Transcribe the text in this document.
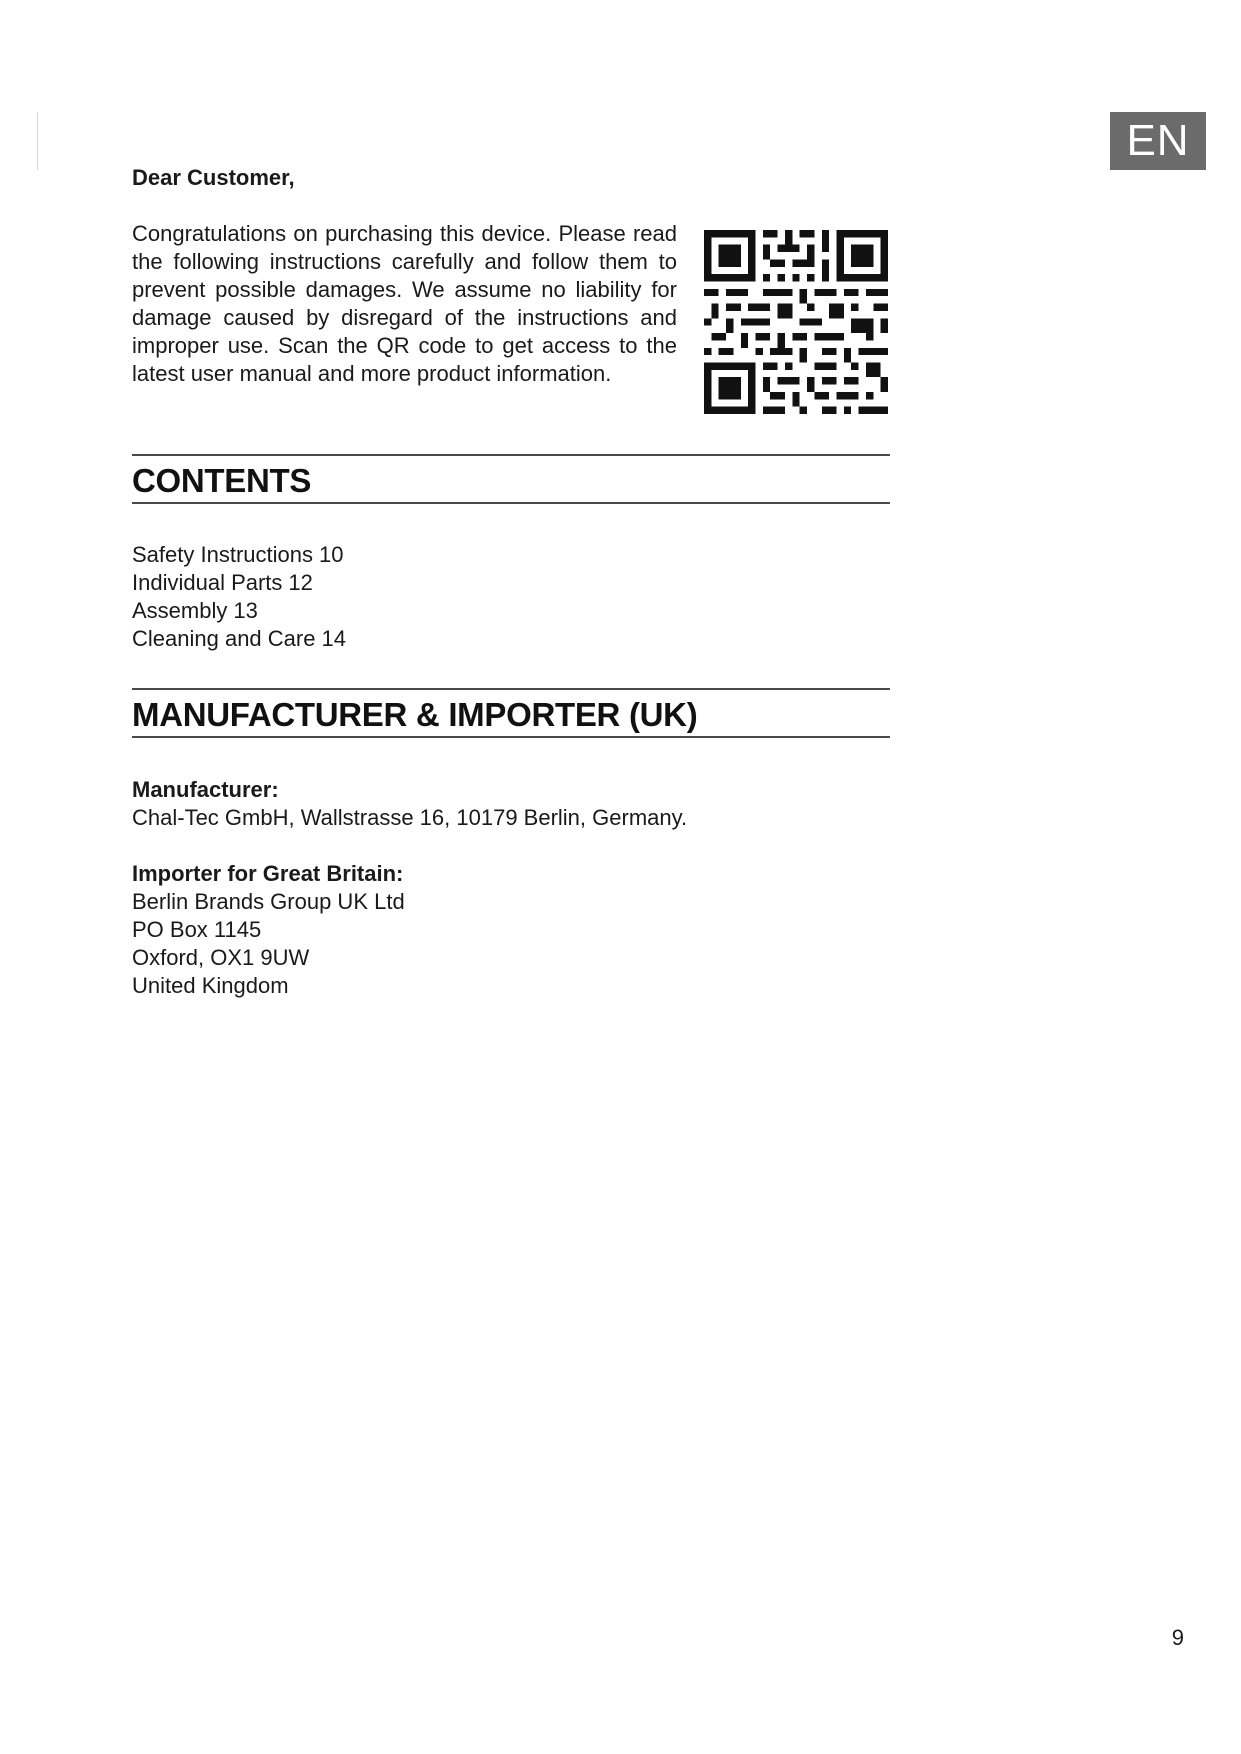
EN

Dear Customer,

Congratulations on purchasing this device. Please read the following instructions carefully and follow them to prevent possible damages. We assume no liability for damage caused by disregard of the instructions and improper use. Scan the QR code to get access to the latest user manual and more product information.

CONTENTS
Safety Instructions 10
Individual Parts 12
Assembly 13
Cleaning and Care 14
MANUFACTURER & IMPORTER (UK)
Manufacturer:
Chal-Tec GmbH, Wallstrasse 16, 10179 Berlin, Germany.
Importer for Great Britain:
Berlin Brands Group UK Ltd
PO Box 1145
Oxford, OX1 9UW
United Kingdom
9
